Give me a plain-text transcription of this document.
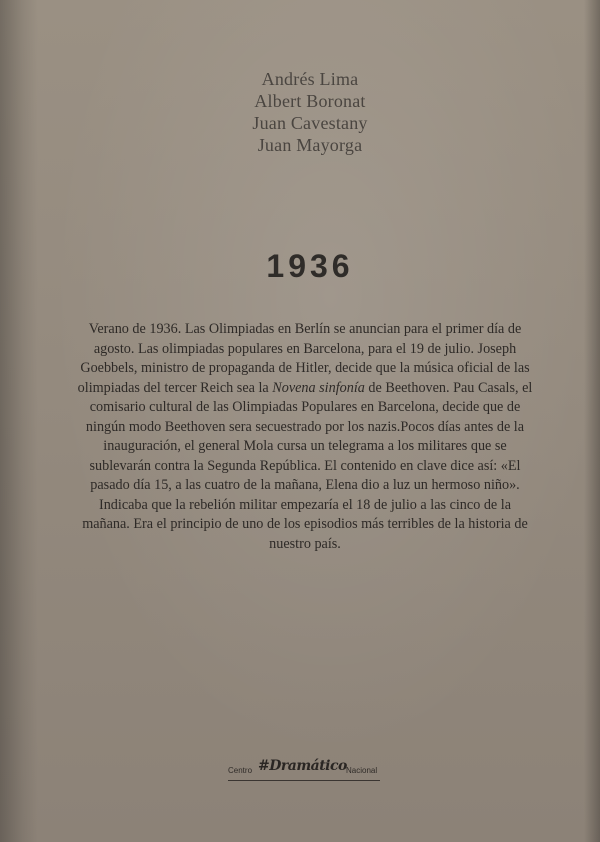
Andrés Lima
Albert Boronat
Juan Cavestany
Juan Mayorga
1936
Verano de 1936. Las Olimpiadas en Berlín se anuncian para el primer día de agosto. Las olimpiadas populares en Barcelona, para el 19 de julio. Joseph Goebbels, ministro de propaganda de Hitler, decide que la música oficial de las olimpiadas del tercer Reich sea la Novena sinfonía de Beethoven. Pau Casals, el comisario cultural de las Olimpiadas Populares en Barcelona, decide que de ningún modo Beethoven sera secuestrado por los nazis.Pocos días antes de la inauguración, el general Mola cursa un telegrama a los militares que se sublevarán contra la Segunda República. El contenido en clave dice así: «El pasado día 15, a las cuatro de la mañana, Elena dio a luz un hermoso niño». Indicaba que la rebelión militar empezaría el 18 de julio a las cinco de la mañana. Era el principio de uno de los episodios más terribles de la historia de nuestro país.
Centro #Dramático Nacional
